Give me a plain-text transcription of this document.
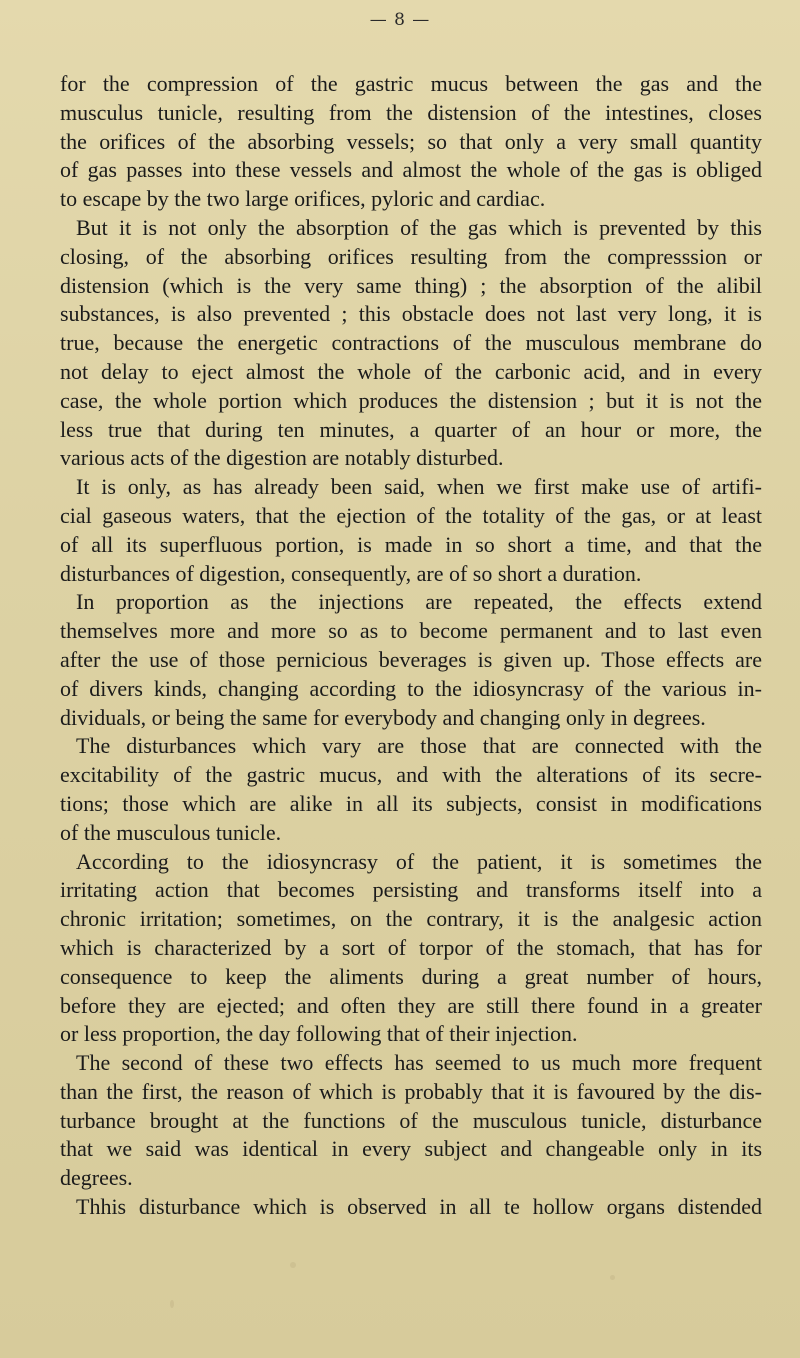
— 8 —
for the compression of the gastric mucus between the gas and the
musculus tunicle, resulting from the distension of the intestines, closes
the orifices of the absorbing vessels; so that only a very small quantity
of gas passes into these vessels and almost the whole of the gas is obliged
to escape by the two large orifices, pyloric and cardiac.
But it is not only the absorption of the gas which is prevented by this
closing, of the absorbing orifices resulting from the compresssion or
distension (which is the very same thing) ; the absorption of the alibil
substances, is also prevented ; this obstacle does not last very long, it is
true, because the energetic contractions of the musculous membrane do
not delay to eject almost the whole of the carbonic acid, and in every
case, the whole portion which produces the distension ; but it is not the
less true that during ten minutes, a quarter of an hour or more, the
various acts of the digestion are notably disturbed.
It is only, as has already been said, when we first make use of artifi-
cial gaseous waters, that the ejection of the totality of the gas, or at least
of all its superfluous portion, is made in so short a time, and that the
disturbances of digestion, consequently, are of so short a duration.
In proportion as the injections are repeated, the effects extend
themselves more and more so as to become permanent and to last even
after the use of those pernicious beverages is given up. Those effects are
of divers kinds, changing according to the idiosyncrasy of the various in-
dividuals, or being the same for everybody and changing only in degrees.
The disturbances which vary are those that are connected with the
excitability of the gastric mucus, and with the alterations of its secre-
tions; those which are alike in all its subjects, consist in modifications
of the musculous tunicle.
According to the idiosyncrasy of the patient, it is sometimes the
irritating action that becomes persisting and transforms itself into a
chronic irritation; sometimes, on the contrary, it is the analgesic action
which is characterized by a sort of torpor of the stomach, that has for
consequence to keep the aliments during a great number of hours,
before they are ejected; and often they are still there found in a greater
or less proportion, the day following that of their injection.
The second of these two effects has seemed to us much more frequent
than the first, the reason of which is probably that it is favoured by the dis-
turbance brought at the functions of the musculous tunicle, disturbance
that we said was identical in every subject and changeable only in its
degrees.
Thhis disturbance which is observed in all te hollow organs distended
